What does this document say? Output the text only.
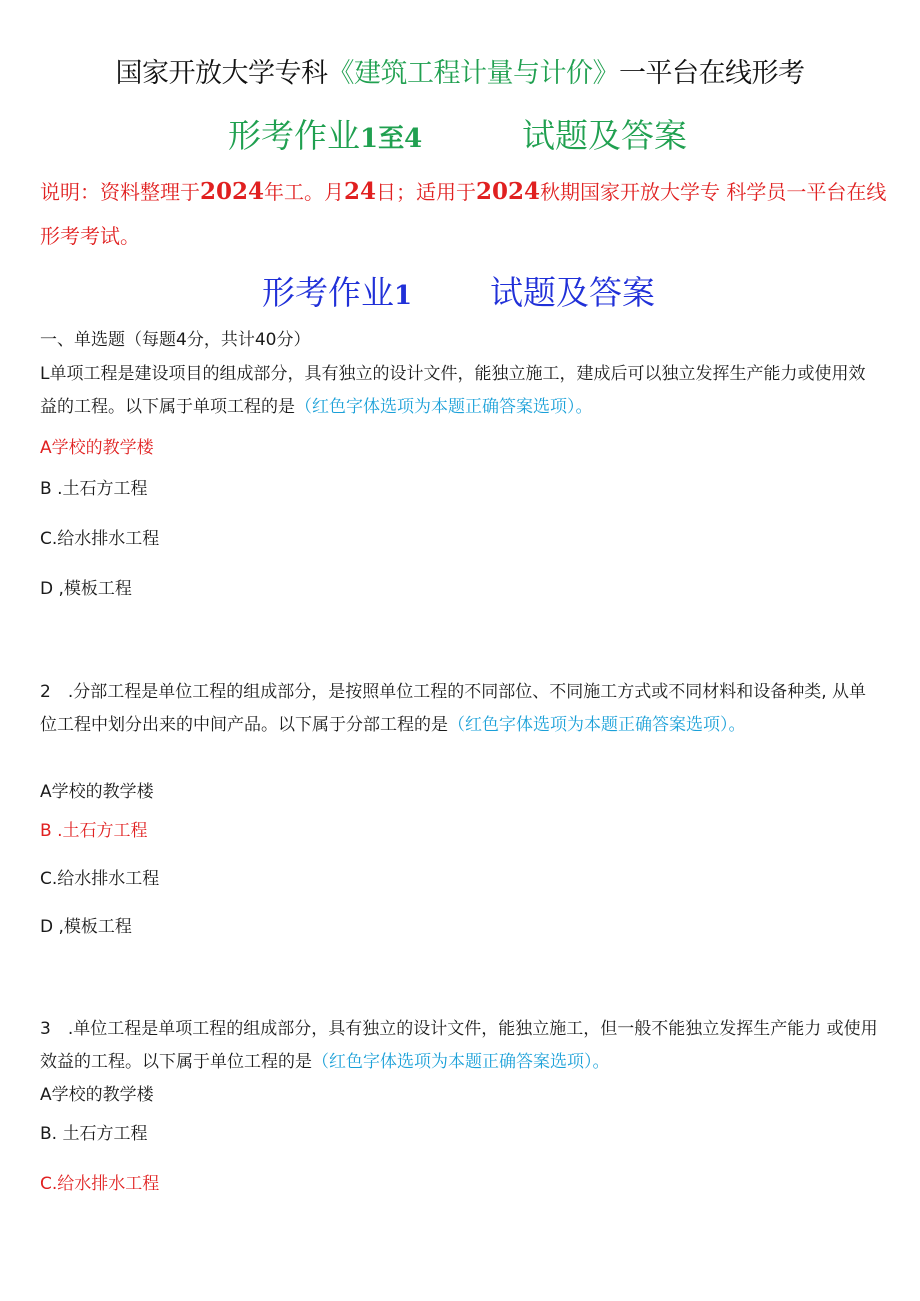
国家开放大学专科《建筑工程计量与计价》一平台在线形考
形考作业1至4	试题及答案
说明：资料整理于2024年工。月24日；适用于2024秋期国家开放大学专 科学员一平台在线形考考试。
形考作业1 试题及答案
一、单选题（每题4分，共计40分）
L单项工程是建设项目的组成部分，具有独立的设计文件，能独立施工，建成后可以独立发挥生产能力或使用效益的工程。以下属于单项工程的是（红色字体选项为本题正确答案选项）。
A学校的教学楼
B .土石方工程
C.给水排水工程
D ,模板工程
2　.分部工程是单位工程的组成部分，是按照单位工程的不同部位、不同施工方式或不同材料和设备种类, 从单位工程中划分出来的中间产品。以下属于分部工程的是（红色字体选项为本题正确答案选项）。
A学校的教学楼
B .土石方工程
C.给水排水工程
D ,模板工程
3　.单位工程是单项工程的组成部分，具有独立的设计文件，能独立施工，但一般不能独立发挥生产能力 或使用效益的工程。以下属于单位工程的是（红色字体选项为本题正确答案选项）。
A学校的教学楼
B. 土石方工程
C.给水排水工程
